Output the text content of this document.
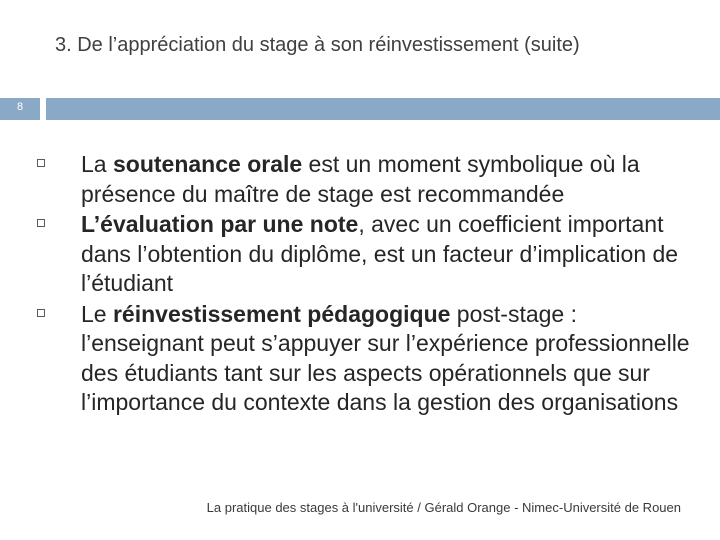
3. De l’appréciation du stage à son réinvestissement (suite)
8
La soutenance orale est un moment symbolique où la présence du maître de stage est recommandée
L’évaluation par une note, avec un coefficient important dans l’obtention du diplôme, est un facteur d’implication de l’étudiant
Le réinvestissement pédagogique post-stage : l’enseignant peut s’appuyer sur l’expérience professionnelle des étudiants tant sur les aspects opérationnels que sur l’importance du contexte dans la gestion des organisations
La pratique des stages à l'université / Gérald Orange - Nimec-Université de Rouen
